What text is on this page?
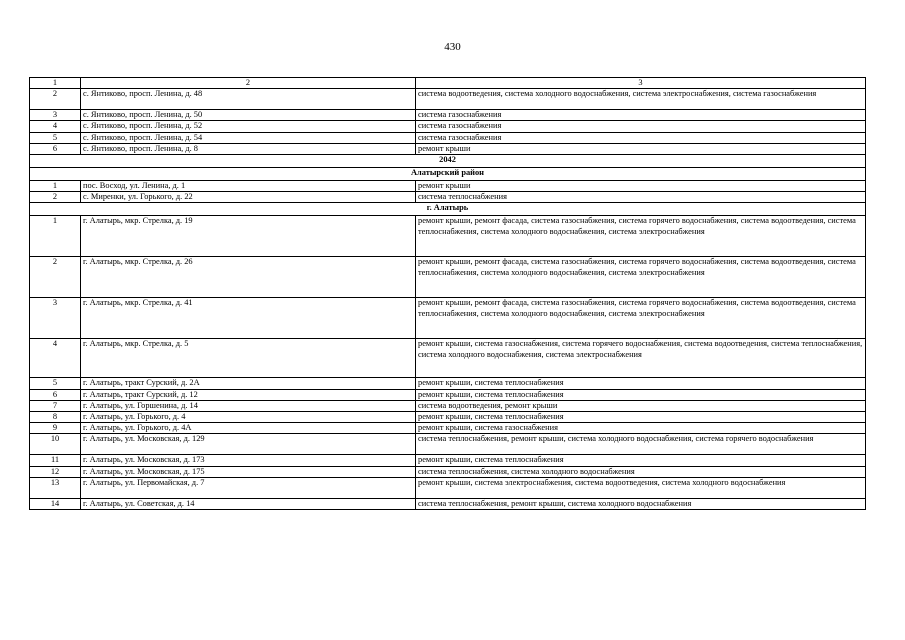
430
1	2	3
2	с. Янтиково, просп. Ленина, д. 48	система водоотведения, система холодного водоснабжения, система электроснабжения, система газоснабжения
3	с. Янтиково, просп. Ленина, д. 50	система газоснабжения
4	с. Янтиково, просп. Ленина, д. 52	система газоснабжения
5	с. Янтиково, просп. Ленина, д. 54	система газоснабжения
6	с. Янтиково, просп. Ленина, д. 8	ремонт крыши
2042		
Алатырский район		
1	пос. Восход, ул. Ленина, д. 1	ремонт крыши
2	с. Миренки, ул. Горького, д. 22	система теплоснабжения
г. Алатырь		
1	г. Алатырь, мкр. Стрелка, д. 19	ремонт крыши, ремонт фасада, система газоснабжения, система горячего водоснабжения, система водоотведения, система теплоснабжения, система холодного водоснабжения, система электроснабжения
2	г. Алатырь, мкр. Стрелка, д. 26	ремонт крыши, ремонт фасада, система газоснабжения, система горячего водоснабжения, система водоотведения, система теплоснабжения, система холодного водоснабжения, система электроснабжения
3	г. Алатырь, мкр. Стрелка, д. 41	ремонт крыши, ремонт фасада, система газоснабжения, система горячего водоснабжения, система водоотведения, система теплоснабжения, система холодного водоснабжения, система электроснабжения
4	г. Алатырь, мкр. Стрелка, д. 5	ремонт крыши, система газоснабжения, система горячего водоснабжения, система водоотведения, система теплоснабжения, система холодного водоснабжения, система электроснабжения
5	г. Алатырь, тракт Сурский, д. 2А	ремонт крыши, система теплоснабжения
6	г. Алатырь, тракт Сурский, д. 12	ремонт крыши, система теплоснабжения
7	г. Алатырь, ул. Горшенина, д. 14	система водоотведения, ремонт крыши
8	г. Алатырь, ул. Горького, д. 4	ремонт крыши, система теплоснабжения
9	г. Алатырь, ул. Горького, д. 4А	ремонт крыши, система газоснабжения
10	г. Алатырь, ул. Московская, д. 129	система теплоснабжения, ремонт крыши, система холодного водоснабжения, система горячего водоснабжения
11	г. Алатырь, ул. Московская, д. 173	ремонт крыши, система теплоснабжения
12	г. Алатырь, ул. Московская, д. 175	система теплоснабжения, система холодного водоснабжения
13	г. Алатырь, ул. Первомайская, д. 7	ремонт крыши, система электроснабжения, система водоотведения, система холодного водоснабжения
14	г. Алатырь, ул. Советская, д. 14	система теплоснабжения, ремонт крыши, система холодного водоснабжения
